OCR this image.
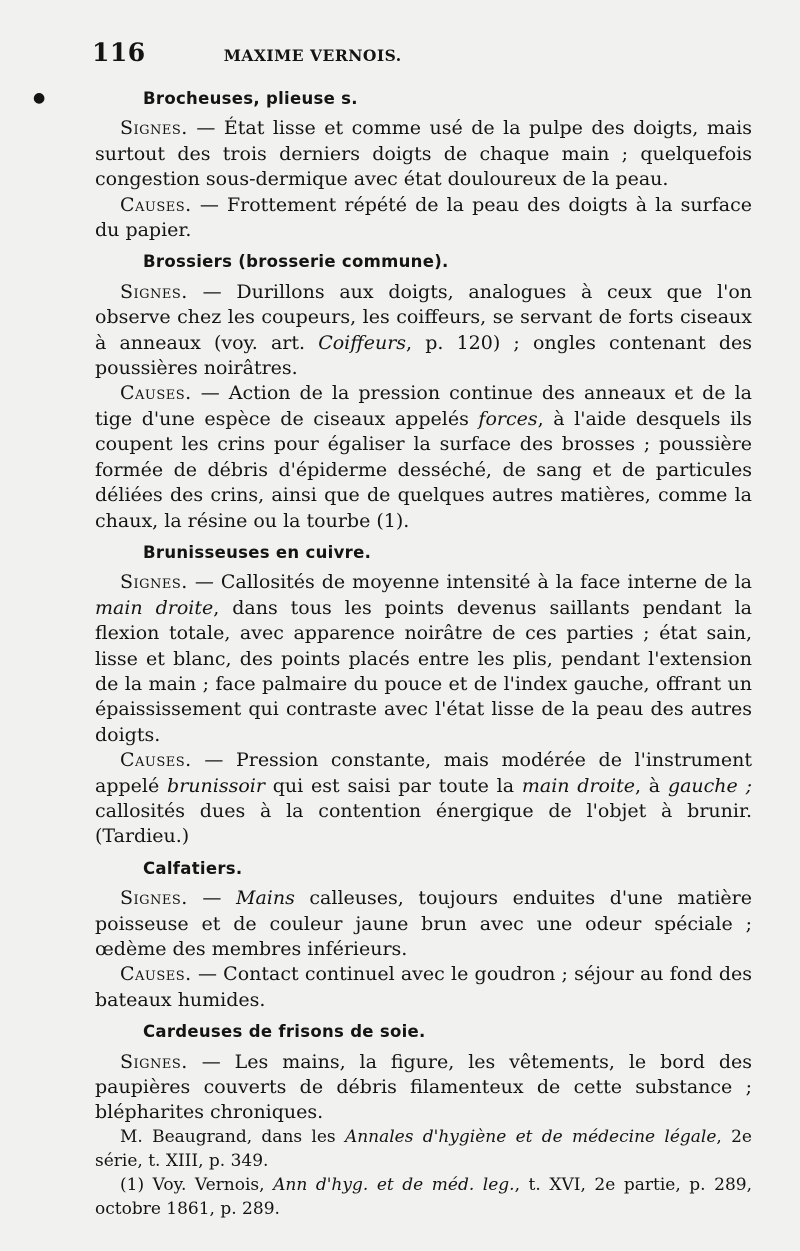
●
116	MAXIME VERNOIS.
Brocheuses, plieuse s.

Signes. — État lisse et comme usé de la pulpe des doigts, mais surtout des trois derniers doigts de chaque main ; quelquefois congestion sous-dermique avec état douloureux de la peau.

Causes. — Frottement répété de la peau des doigts à la surface du papier.

Brossiers (brosserie commune).

Signes. — Durillons aux doigts, analogues à ceux que l'on observe chez les coupeurs, les coiffeurs, se servant de forts ciseaux à anneaux (voy. art. Coiffeurs, p. 120) ; ongles contenant des poussières noirâtres.

Causes. — Action de la pression continue des anneaux et de la tige d'une espèce de ciseaux appelés forces, à l'aide desquels ils coupent les crins pour égaliser la surface des brosses ; poussière formée de débris d'épiderme desséché, de sang et de particules déliées des crins, ainsi que de quelques autres matières, comme la chaux, la résine ou la tourbe (1).

Brunisseuses en cuivre.

Signes. — Callosités de moyenne intensité à la face interne de la main droite, dans tous les points devenus saillants pendant la flexion totale, avec apparence noirâtre de ces parties ; état sain, lisse et blanc, des points placés entre les plis, pendant l'extension de la main ; face palmaire du pouce et de l'index gauche, offrant un épaississement qui contraste avec l'état lisse de la peau des autres doigts.

Causes. — Pression constante, mais modérée de l'instrument appelé brunissoir qui est saisi par toute la main droite, à gauche ; callosités dues à la contention énergique de l'objet à brunir. (Tardieu.)

Calfatiers.

Signes. — Mains calleuses, toujours enduites d'une matière poisseuse et de couleur jaune brun avec une odeur spéciale ; œdème des membres inférieurs.

Causes. — Contact continuel avec le goudron ; séjour au fond des bateaux humides.

Cardeuses de frisons de soie.

Signes. — Les mains, la figure, les vêtements, le bord des paupières couverts de débris filamenteux de cette substance ; blépharites chroniques.

M. Beaugrand, dans les Annales d'hygiène et de médecine légale, 2e série, t. XIII, p. 349.

(1) Voy. Vernois, Ann d'hyg. et de méd. leg., t. XVI, 2e partie, p. 289, octobre 1861, p. 289.
